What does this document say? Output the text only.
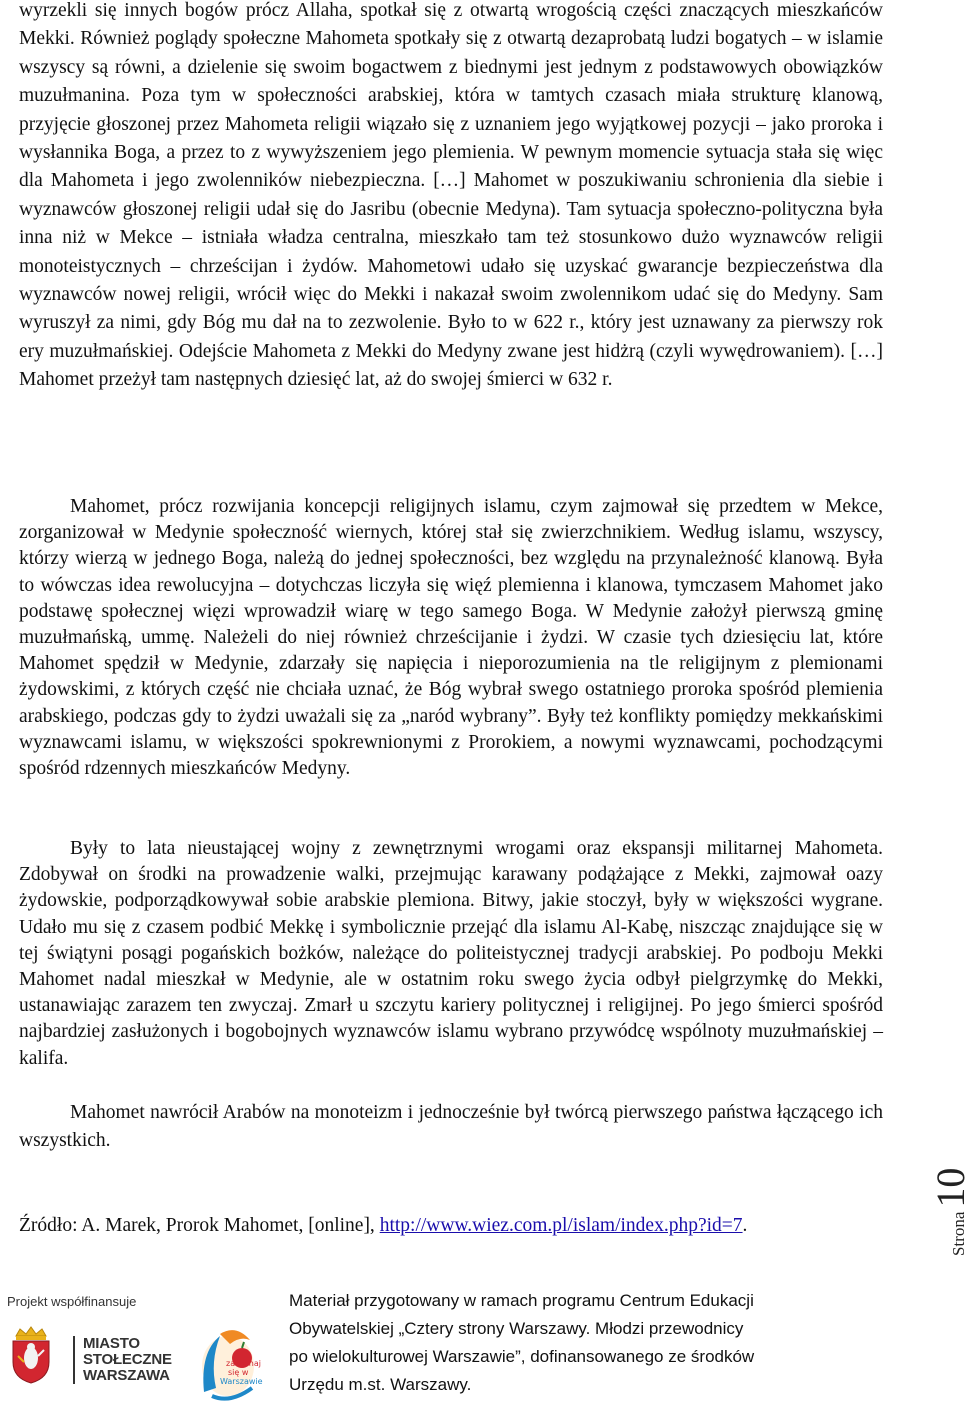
wyrzekli się innych bogów prócz Allaha, spotkał się z otwartą wrogością części znaczących mieszkańców Mekki. Również poglądy społeczne Mahometa spotkały się z otwartą dezaprobatą ludzi bogatych – w islamie wszyscy są równi, a dzielenie się swoim bogactwem z biednymi jest jednym z podstawowych obowiązków muzułmanina. Poza tym w społeczności arabskiej, która w tamtych czasach miała strukturę klanową, przyjęcie głoszonej przez Mahometa religii wiązało się z uznaniem jego wyjątkowej pozycji – jako proroka i wysłannika Boga, a przez to z wywyższeniem jego plemienia. W pewnym momencie sytuacja stała się więc dla Mahometa i jego zwolenników niebezpieczna. […] Mahomet w poszukiwaniu schronienia dla siebie i wyznawców głoszonej religii udał się do Jasribu (obecnie Medyna). Tam sytuacja społeczno-polityczna była inna niż w Mekce – istniała władza centralna, mieszkało tam też stosunkowo dużo wyznawców religii monoteistycznych – chrześcijan i żydów. Mahometowi udało się uzyskać gwarancje bezpieczeństwa dla wyznawców nowej religii, wrócił więc do Mekki i nakazał swoim zwolennikom udać się do Medyny. Sam wyruszył za nimi, gdy Bóg mu dał na to zezwolenie. Było to w 622 r., który jest uznawany za pierwszy rok ery muzułmańskiej. Odejście Mahometa z Mekki do Medyny zwane jest hidżrą (czyli wywędrowaniem). […] Mahomet przeżył tam następnych dziesięć lat, aż do swojej śmierci w 632 r.

Mahomet, prócz rozwijania koncepcji religijnych islamu, czym zajmował się przedtem w Mekce, zorganizował w Medynie społeczność wiernych, której stał się zwierzchnikiem. Według islamu, wszyscy, którzy wierzą w jednego Boga, należą do jednej społeczności, bez względu na przynależność klanową. Była to wówczas idea rewolucyjna – dotychczas liczyła się więź plemienna i klanowa, tymczasem Mahomet jako podstawę społecznej więzi wprowadził wiarę w tego samego Boga. W Medynie założył pierwszą gminę muzułmańską, ummę. Należeli do niej również chrześcijanie i żydzi. W czasie tych dziesięciu lat, które Mahomet spędził w Medynie, zdarzały się napięcia i nieporozumienia na tle religijnym z plemionami żydowskimi, z których część nie chciała uznać, że Bóg wybrał swego ostatniego proroka spośród plemienia arabskiego, podczas gdy to żydzi uważali się za „naród wybrany”. Były też konflikty pomiędzy mekkańskimi wyznawcami islamu, w większości spokrewnionymi z Prorokiem, a nowymi wyznawcami, pochodzącymi spośród rdzennych mieszkańców Medyny.

Były to lata nieustającej wojny z zewnętrznymi wrogami oraz ekspansji militarnej Mahometa. Zdobywał on środki na prowadzenie walki, przejmując karawany podążające z Mekki, zajmował oazy żydowskie, podporządkowywał sobie arabskie plemiona. Bitwy, jakie stoczył, były w większości wygrane. Udało mu się z czasem podbić Mekkę i symbolicznie przejąć dla islamu Al-Kabę, niszcząc znajdujące się w tej świątyni posągi pogańskich bożków, należące do politeistycznej tradycji arabskiej. Po podboju Mekki Mahomet nadal mieszkał w Medynie, ale w ostatnim roku swego życia odbył pielgrzymkę do Mekki, ustanawiając zarazem ten zwyczaj. Zmarł u szczytu kariery politycznej i religijnej. Po jego śmierci spośród najbardziej zasłużonych i bogobojnych wyznawców islamu wybrano przywódcę wspólnoty muzułmańskiej – kalifa.

Mahomet nawrócił Arabów na monoteizm i jednocześnie był twórcą pierwszego państwa łączącego ich wszystkich.

Źródło: A. Marek, Prorok Mahomet, [online], http://www.wiez.com.pl/islam/index.php?id=7.	Strona10
Projekt współfinansuje
MIASTO
STOŁECZNE
WARSZAWA
zakochaj
się w
Warszawie
Materiał przygotowany w ramach programu Centrum Edukacji
Obywatelskiej „Cztery strony Warszawy. Młodzi przewodnicy
po wielokulturowej Warszawie”, dofinansowanego ze środków
Urzędu m.st. Warszawy.
